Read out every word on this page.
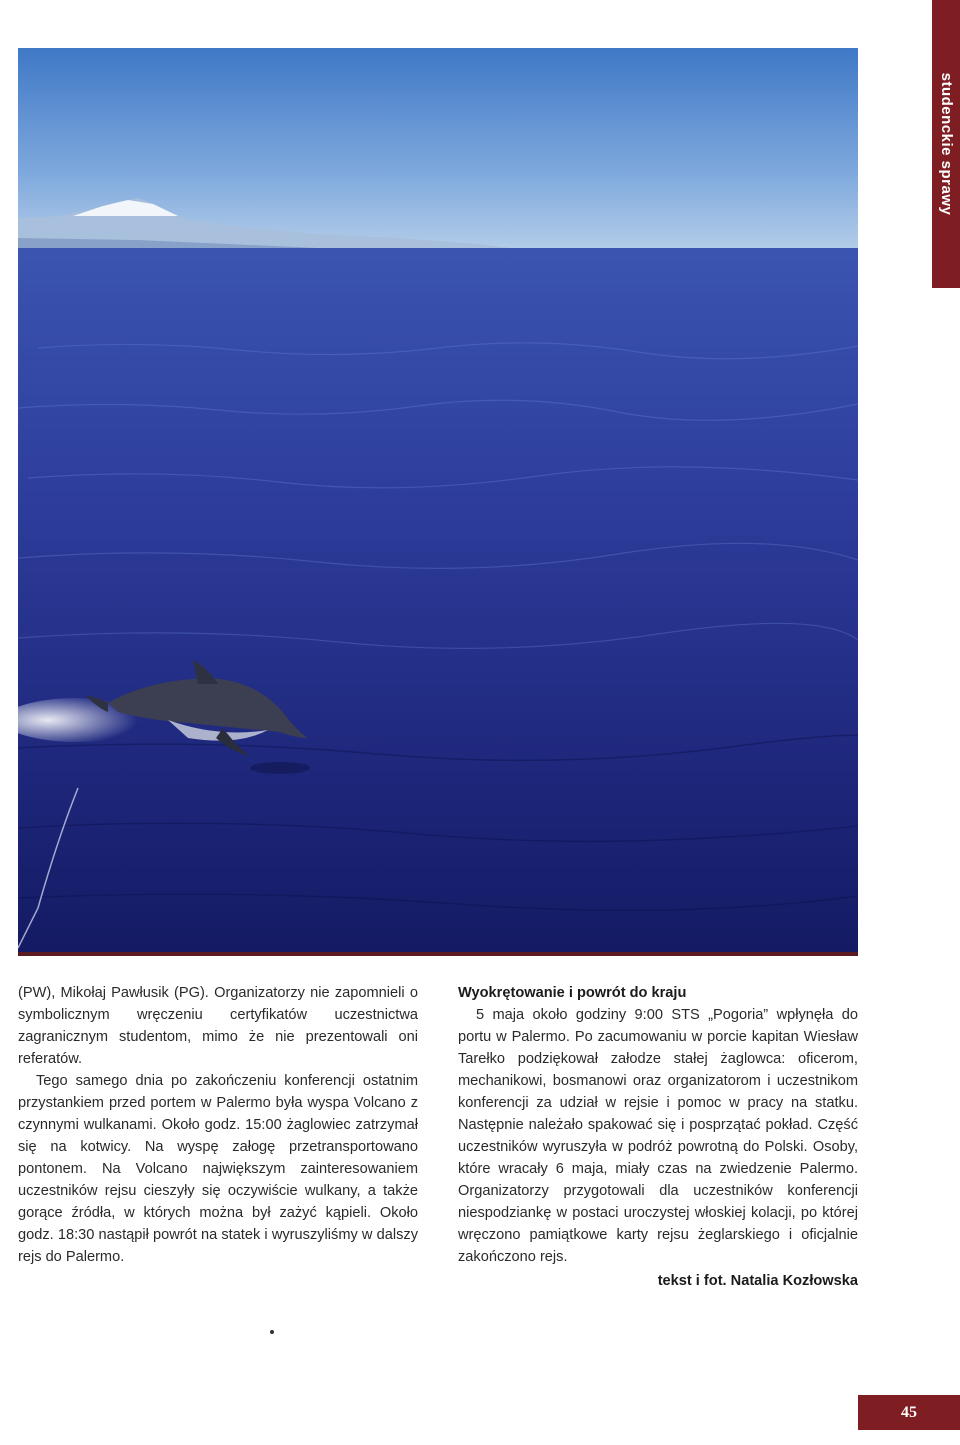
studenckie sprawy

(PW), Mikołaj Pawłusik (PG). Organizatorzy nie zapomnieli o symbolicznym wręczeniu certyfikatów uczestnictwa zagranicznym studentom, mimo że nie prezentowali oni referatów.

Tego samego dnia po zakończeniu konferencji ostatnim przystankiem przed portem w Palermo była wyspa Volcano z czynnymi wulkanami. Około godz. 15:00 żaglowiec zatrzymał się na kotwicy. Na wyspę załogę przetransportowano pontonem. Na Volcano największym zainteresowaniem uczestników rejsu cieszyły się oczywiście wulkany, a także gorące źródła, w których można był zażyć kąpieli. Około godz. 18:30 nastąpił powrót na statek i wyruszyliśmy w dalszy rejs do Palermo.

Wyokrętowanie i powrót do kraju

5 maja około godziny 9:00 STS „Pogoria” wpłynęła do portu w Palermo. Po zacumowaniu w porcie kapitan Wiesław Tarełko podziękował załodze stałej żaglowca: oficerom, mechanikowi, bosmanowi oraz organizatorom i uczestnikom konferencji za udział w rejsie i pomoc w pracy na statku. Następnie należało spakować się i posprzątać pokład. Część uczestników wyruszyła w podróż powrotną do Polski. Osoby, które wracały 6 maja, miały czas na zwiedzenie Palermo. Organizatorzy przygotowali dla uczestników konferencji niespodziankę w postaci uroczystej włoskiej kolacji, po której wręczono pamiątkowe karty rejsu żeglarskiego i oficjalnie zakończono rejs.

tekst i fot. Natalia Kozłowska
45
